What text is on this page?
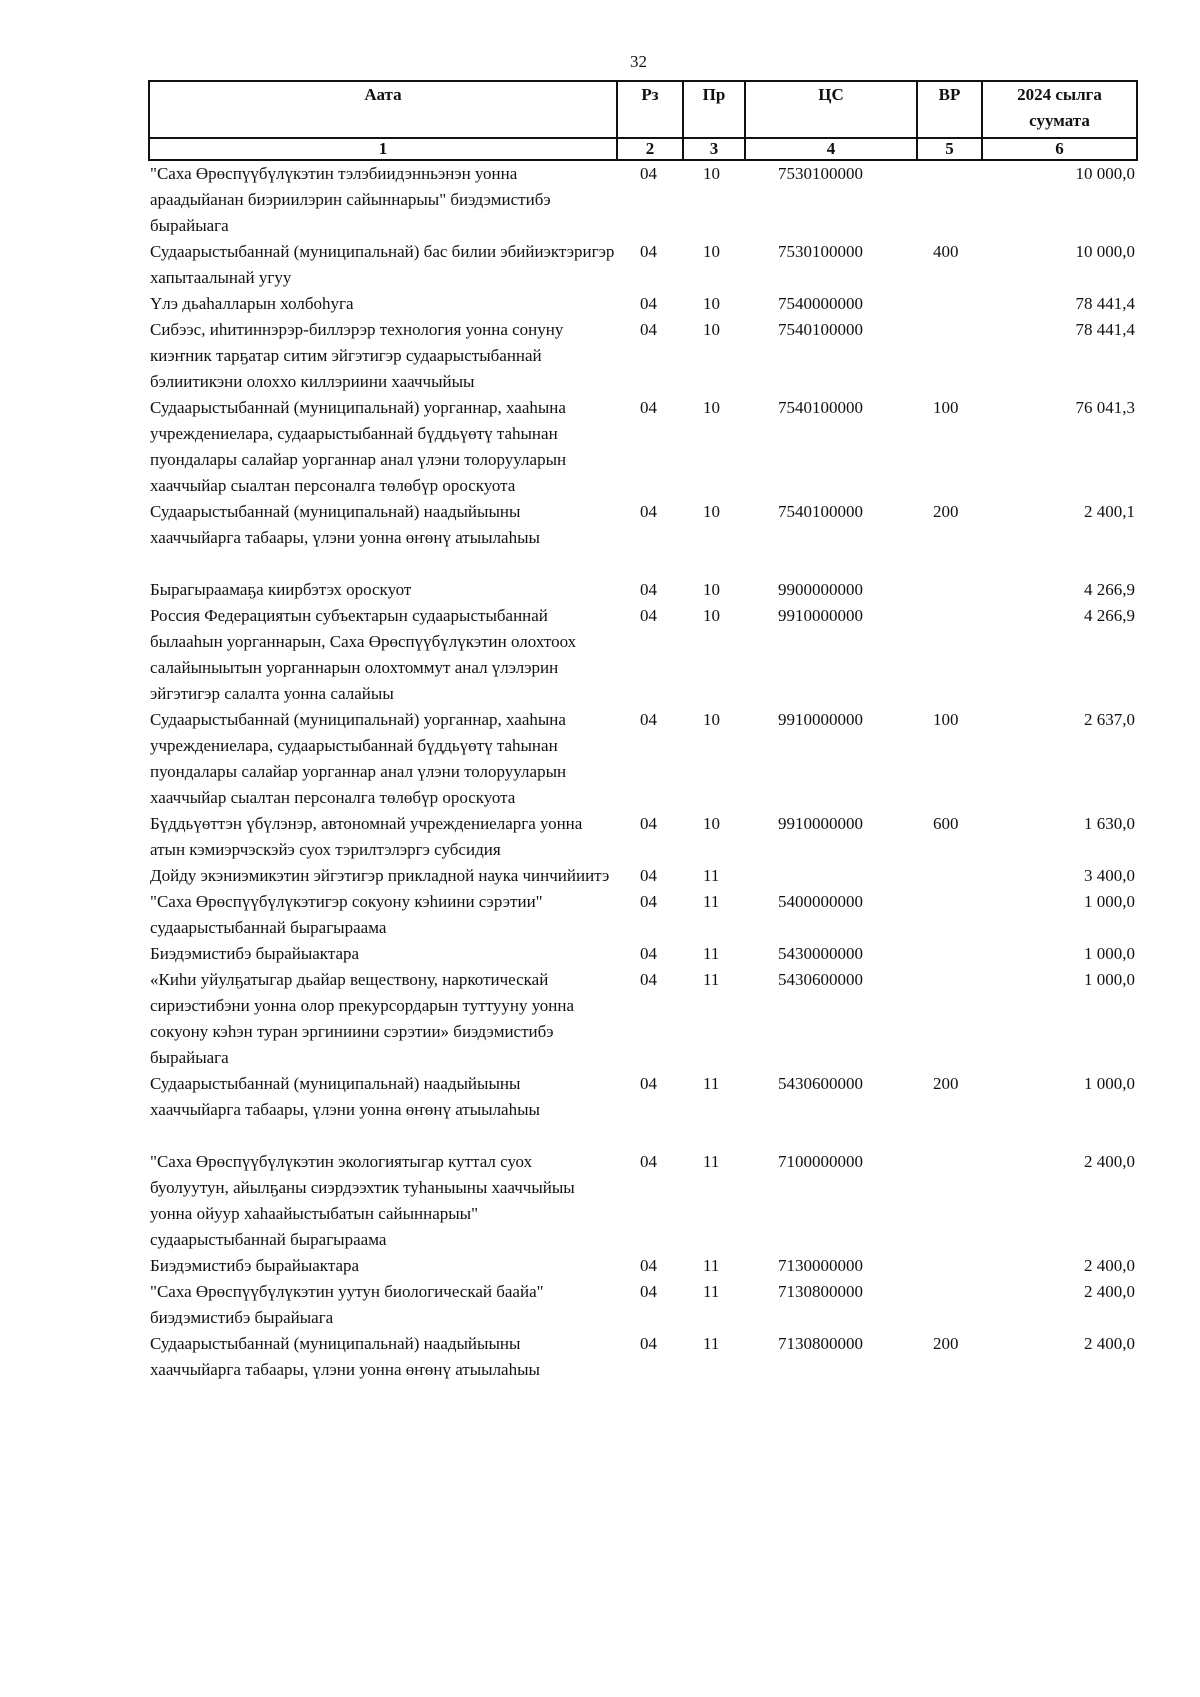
32
Аата	Рз	Пр	ЦС	ВР	2024 сылга суумата
1	2	3	4	5	6
"Саха Өрөспүүбүлүкэтин тэлэбиидэнньэнэн уонна араадыйанан биэриилэрин сайыннарыы" биэдэмистибэ бырайыага	04	10	7530100000		10 000,0
Судаарыстыбаннай (муниципальнай) бас билии эбийиэктэригэр хапытаалынай угуу	04	10	7530100000	400	10 000,0
Үлэ дьаһалларын холбоһуга	04	10	7540000000		78 441,4
Сибээс, иһитиннэрэр-биллэрэр технология уонна сонуну киэҥник тарҕатар ситим эйгэтигэр судаарыстыбаннай бэлиитикэни олоххо киллэриини хааччыйыы	04	10	7540100000		78 441,4
Судаарыстыбаннай (муниципальнай) уорганнар, хааһына учреждениелара, судаарыстыбаннай бүддьүөтү таһынан пуондалары салайар уорганнар анал үлэни толорууларын хааччыйар сыалтан персоналга төлөбүр ороскуота	04	10	7540100000	100	76 041,3
Судаарыстыбаннай (муниципальнай) наадыйыыны хааччыйарга табаары, үлэни уонна өҥөнү атыылаһыы	04	10	7540100000	200	2 400,1
Бырагыраамаҕа киирбэтэх ороскуот	04	10	9900000000		4 266,9
Россия Федерациятын субъектарын судаарыстыбаннай былааһын уорганнарын, Саха Өрөспүүбүлүкэтин олохтоох салайыныытын уорганнарын олохтоммут анал үлэлэрин эйгэтигэр салалта уонна салайыы	04	10	9910000000		4 266,9
Судаарыстыбаннай (муниципальнай) уорганнар, хааһына учреждениелара, судаарыстыбаннай бүддьүөтү таһынан пуондалары салайар уорганнар анал үлэни толорууларын хааччыйар сыалтан персоналга төлөбүр ороскуота	04	10	9910000000	100	2 637,0
Бүддьүөттэн үбүлэнэр, автономнай учреждениеларга уонна атын кэмиэрчэскэйэ суох тэрилтэлэргэ субсидия	04	10	9910000000	600	1 630,0
Дойду экэниэмикэтин эйгэтигэр прикладной наука чинчийиитэ	04	11			3 400,0
"Саха Өрөспүүбүлүкэтигэр сокуону кэһиини сэрэтии" судаарыстыбаннай бырагыраама	04	11	5400000000		1 000,0
Биэдэмистибэ бырайыактара	04	11	5430000000		1 000,0
«Киһи уйулҕатыгар дьайар веществону, наркотическай сириэстибэни уонна олор прекурсордарын туттууну уонна сокуону кэһэн туран эргиниини сэрэтии» биэдэмистибэ бырайыага	04	11	5430600000		1 000,0
Судаарыстыбаннай (муниципальнай) наадыйыыны хааччыйарга табаары, үлэни уонна өҥөнү атыылаһыы	04	11	5430600000	200	1 000,0
"Саха Өрөспүүбүлүкэтин экологиятыгар куттал суох буолуутун, айылҕаны сиэрдээхтик туһаныыны хааччыйыы уонна ойуур хаһаайыстыбатын сайыннарыы" судаарыстыбаннай бырагыраама	04	11	7100000000		2 400,0
Биэдэмистибэ бырайыактара	04	11	7130000000		2 400,0
"Саха Өрөспүүбүлүкэтин уутун биологическай баайа" биэдэмистибэ бырайыага	04	11	7130800000		2 400,0
Судаарыстыбаннай (муниципальнай) наадыйыыны хааччыйарга табаары, үлэни уонна өҥөнү атыылаһыы	04	11	7130800000	200	2 400,0
